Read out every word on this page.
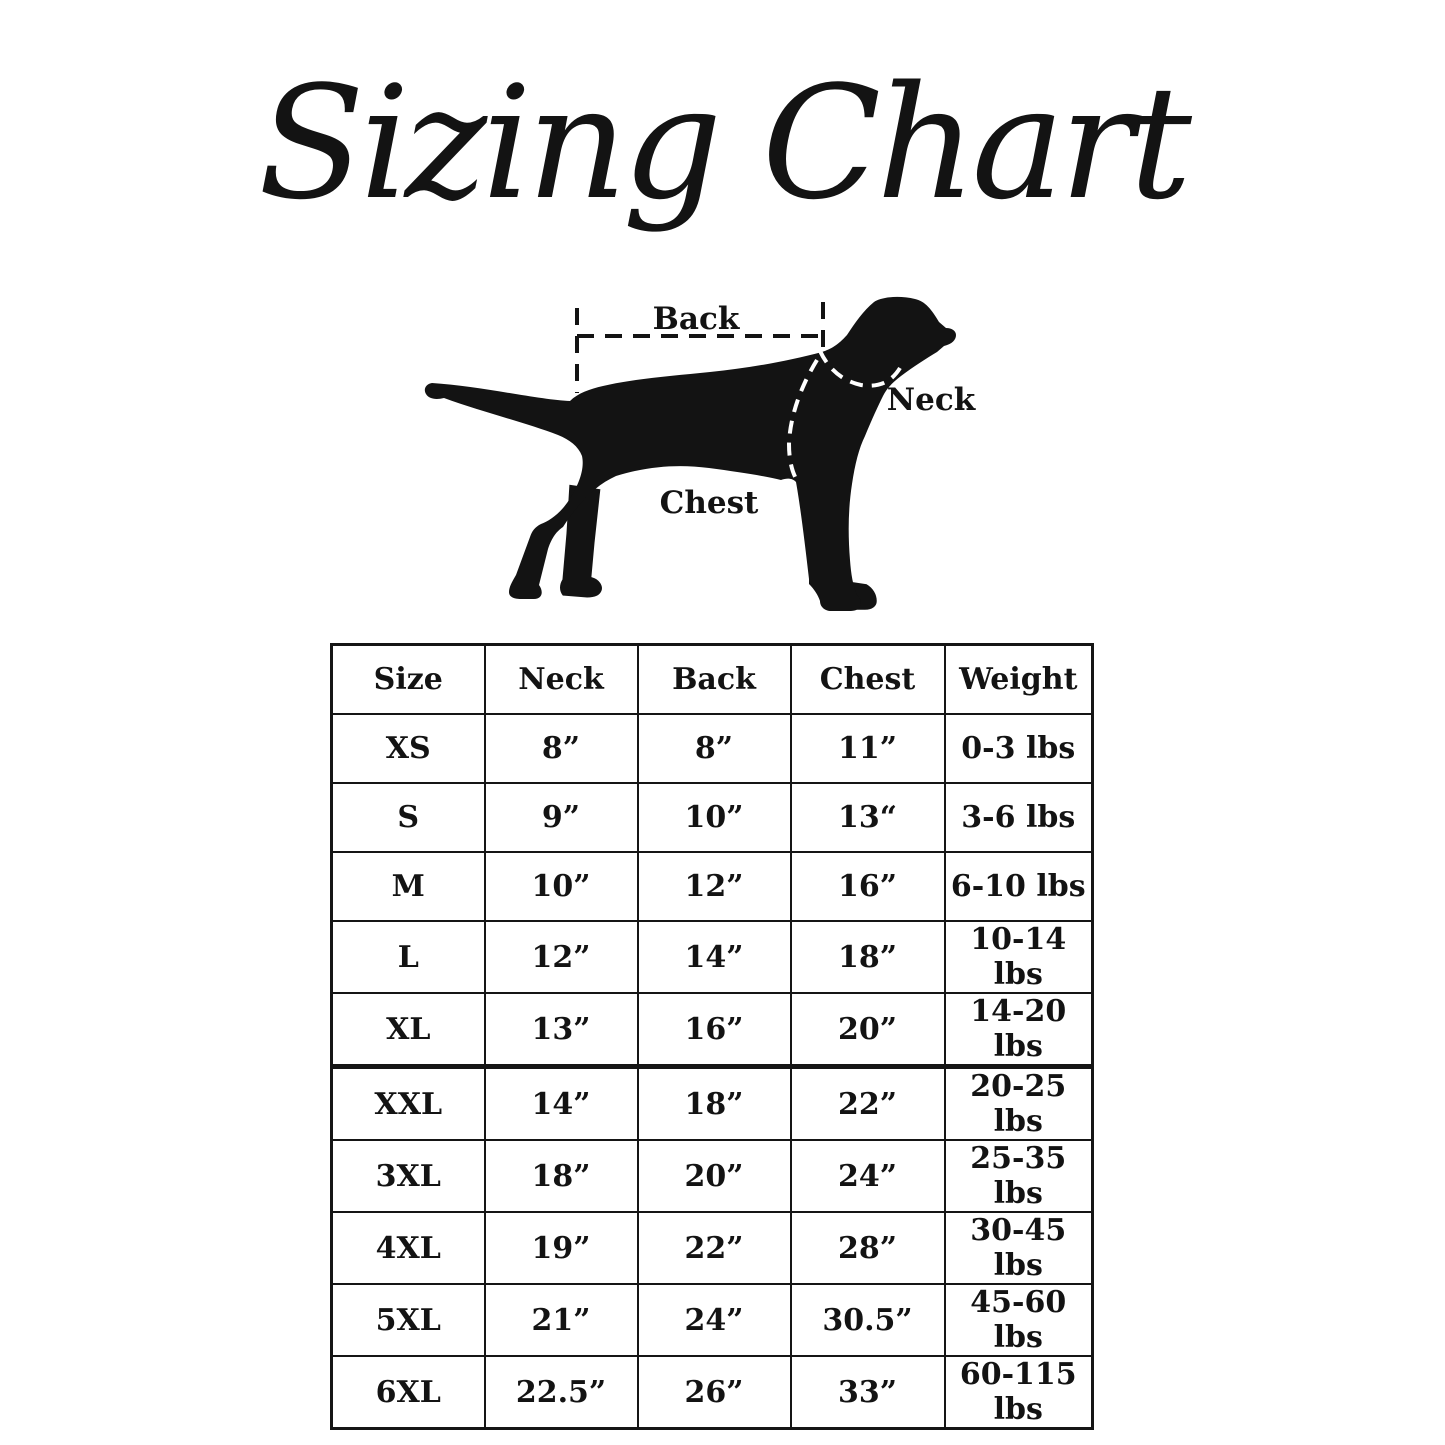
Sizing Chart
Back
Neck
Chest
Size	Neck	Back	Chest	Weight
XS	8”	8”	11”	0-3 lbs
S	9”	10”	13“	3-6 lbs
M	10”	12”	16”	6-10 lbs
L	12”	14”	18”	10-14 lbs
XL	13”	16”	20”	14-20 lbs
XXL	14”	18”	22”	20-25 lbs
3XL	18”	20”	24”	25-35 lbs
4XL	19”	22”	28”	30-45 lbs
5XL	21”	24”	30.5”	45-60 lbs
6XL	22.5”	26”	33”	60-115 lbs
